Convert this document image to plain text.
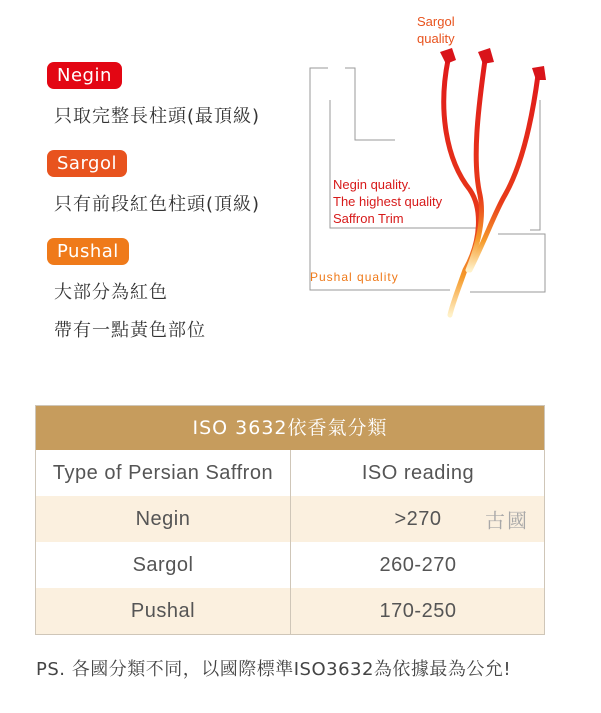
Negin
只取完整長柱頭(最頂級)
Sargol
只有前段紅色柱頭(頂級)
Pushal
大部分為紅色
帶有一點黃色部位
Sargol
quality
Negin quality.
The highest quality
Saffron Trim
Pushal quality
ISO 3632依香氣分類
Type of Persian Saffron	ISO reading
Negin	>270 古國
Sargol	260-270
Pushal	170-250
PS. 各國分類不同，以國際標準ISO3632為依據最為公允!
